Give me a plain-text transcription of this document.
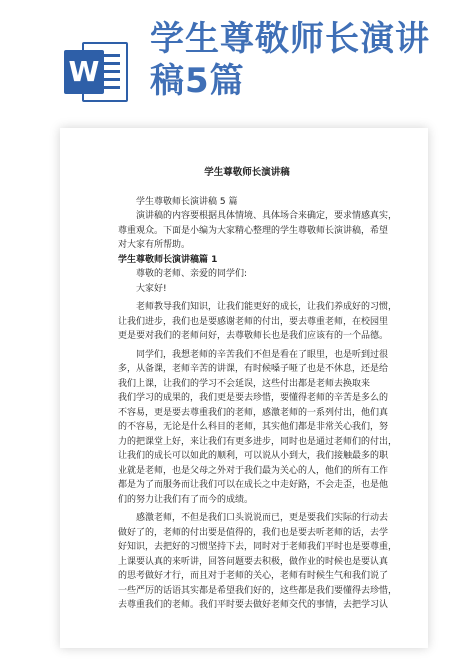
W
学生尊敬师长演讲
稿5篇
学生尊敬师长演讲稿
学生尊敬师长演讲稿 5 篇
演讲稿的内容要根据具体情境、具体场合来确定，要求情感真实，
尊重观众。下面是小编为大家精心整理的学生尊敬师长演讲稿，希望
对大家有所帮助。
学生尊敬师长演讲稿篇 1
尊敬的老师、亲爱的同学们:
大家好!
老师教导我们知识，让我们能更好的成长，让我们养成好的习惯，
让我们进步，我们也是要感谢老师的付出，要去尊重老师，在校园里
更是要对我们的老师问好，去尊敬师长也是我们应该有的一个品德。
同学们，我想老师的辛苦我们不但是看在了眼里，也是听到过很
多，从备课，老师辛苦的讲课，有时候嗓子哑了也是不休息，还是给
我们上课，让我们的学习不会延误，这些付出都是老师去换取来
我们学习的成果的，我们更是要去珍惜，要懂得老师的辛苦是多么的
不容易，更是要去尊重我们的老师，感激老师的一系列付出，他们真
的不容易，无论是什么科目的老师，其实他们都是非常关心我们，努
力的把课堂上好，来让我们有更多进步，同时也是通过老师们的付出，
让我们的成长可以如此的顺利，可以说从小到大，我们接触最多的职
业就是老师，也是父母之外对于我们最为关心的人，他们的所有工作
都是为了而服务而让我们可以在成长之中走好路，不会走歪，也是他
们的努力让我们有了而今的成绩。
感激老师，不但是我们口头说说而已，更是要我们实际的行动去
做好了的，老师的付出要是值得的，我们也是要去听老师的话，去学
好知识，去把好的习惯坚持下去，同时对于老师我们平时也是要尊重，
上课要认真的来听讲，回答问题要去积极，做作业的时候也是要认真
的思考做好才行，而且对于老师的关心，老师有时候生气和我们说了
一些严厉的话语其实都是希望我们好的，这些都是我们要懂得去珍惜，
去尊重我们的老师。我们平时要去做好老师交代的事情，去把学习认
